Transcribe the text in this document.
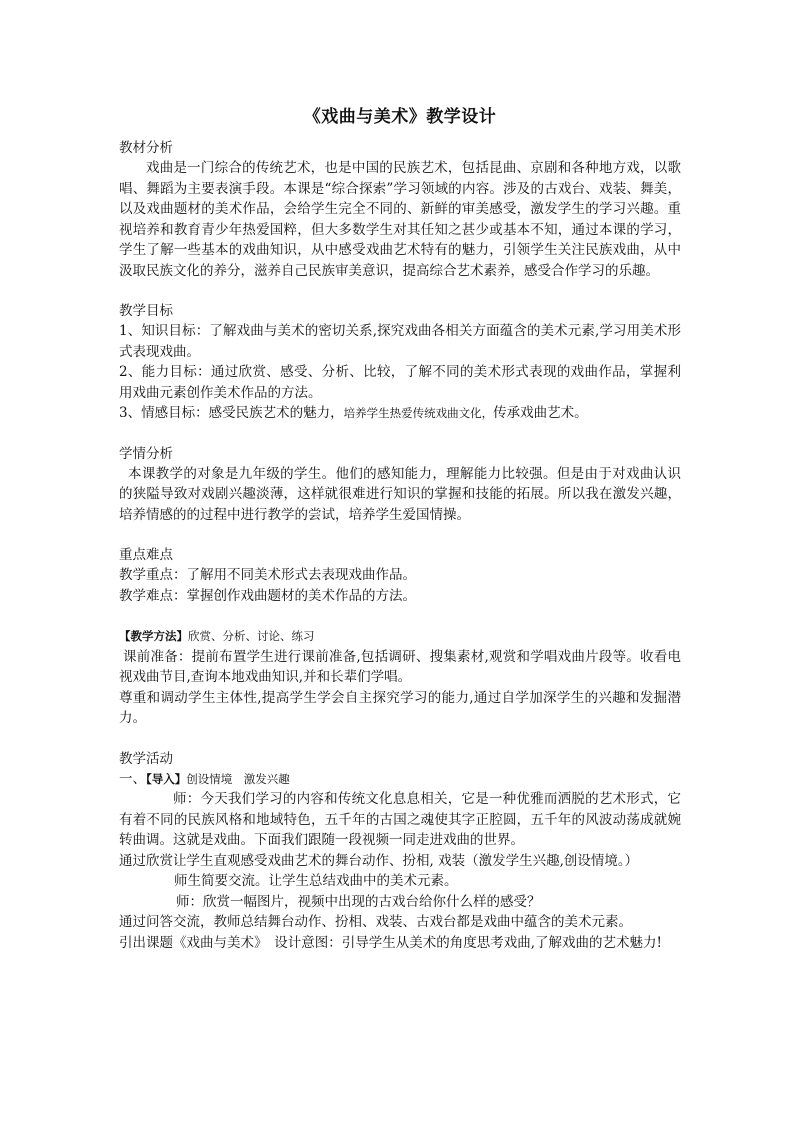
《戏曲与美术》教学设计

教材分析

戏曲是一门综合的传统艺术，也是中国的民族艺术，包括昆曲、京剧和各种地方戏，以歌唱、舞蹈为主要表演手段。本课是“综合探索”学习领域的内容。涉及的古戏台、戏装、舞美，以及戏曲题材的美术作品，会给学生完全不同的、新鲜的审美感受，激发学生的学习兴趣。重视培养和教育青少年热爱国粹，但大多数学生对其任知之甚少或基本不知，通过本课的学习，学生了解一些基本的戏曲知识，从中感受戏曲艺术特有的魅力，引领学生关注民族戏曲，从中汲取民族文化的养分，滋养自己民族审美意识，提高综合艺术素养，感受合作学习的乐趣。

教学目标

1、知识目标：了解戏曲与美术的密切关系,探究戏曲各相关方面蕴含的美术元素,学习用美术形式表现戏曲。

2、能力目标：通过欣赏、感受、分析、比较，了解不同的美术形式表现的戏曲作品，掌握利用戏曲元素创作美术作品的方法。

3、情感目标：感受民族艺术的魅力，培养学生热爱传统戏曲文化，传承戏曲艺术。

学情分析

本课教学的对象是九年级的学生。他们的感知能力，理解能力比较强。但是由于对戏曲认识的狭隘导致对戏剧兴趣淡薄，这样就很难进行知识的掌握和技能的拓展。所以我在激发兴趣，培养情感的的过程中进行教学的尝试，培养学生爱国情操。

重点难点

教学重点：了解用不同美术形式去表现戏曲作品。

教学难点：掌握创作戏曲题材的美术作品的方法。

【教学方法】欣赏、分析、讨论、练习

课前准备：提前布置学生进行课前准备,包括调研、搜集素材,观赏和学唱戏曲片段等。收看电视戏曲节目,查询本地戏曲知识,并和长辈们学唱。

尊重和调动学生主体性,提高学生学会自主探究学习的能力,通过自学加深学生的兴趣和发掘潜力。

教学活动

一、【导入】创设情境　激发兴趣

师：今天我们学习的内容和传统文化息息相关，它是一种优雅而洒脱的艺术形式，它有着不同的民族风格和地域特色，五千年的古国之魂使其字正腔圆，五千年的风波动荡成就婉转曲调。这就是戏曲。下面我们跟随一段视频一同走进戏曲的世界。

通过欣赏让学生直观感受戏曲艺术的舞台动作、扮相, 戏装（激发学生兴趣,创设情境。）

师生简要交流。让学生总结戏曲中的美术元素。

师：欣赏一幅图片，视频中出现的古戏台给你什么样的感受？

通过问答交流，教师总结舞台动作、扮相、戏装、古戏台都是戏曲中蕴含的美术元素。

引出课题《戏曲与美术》　设计意图：引导学生从美术的角度思考戏曲,了解戏曲的艺术魅力!
